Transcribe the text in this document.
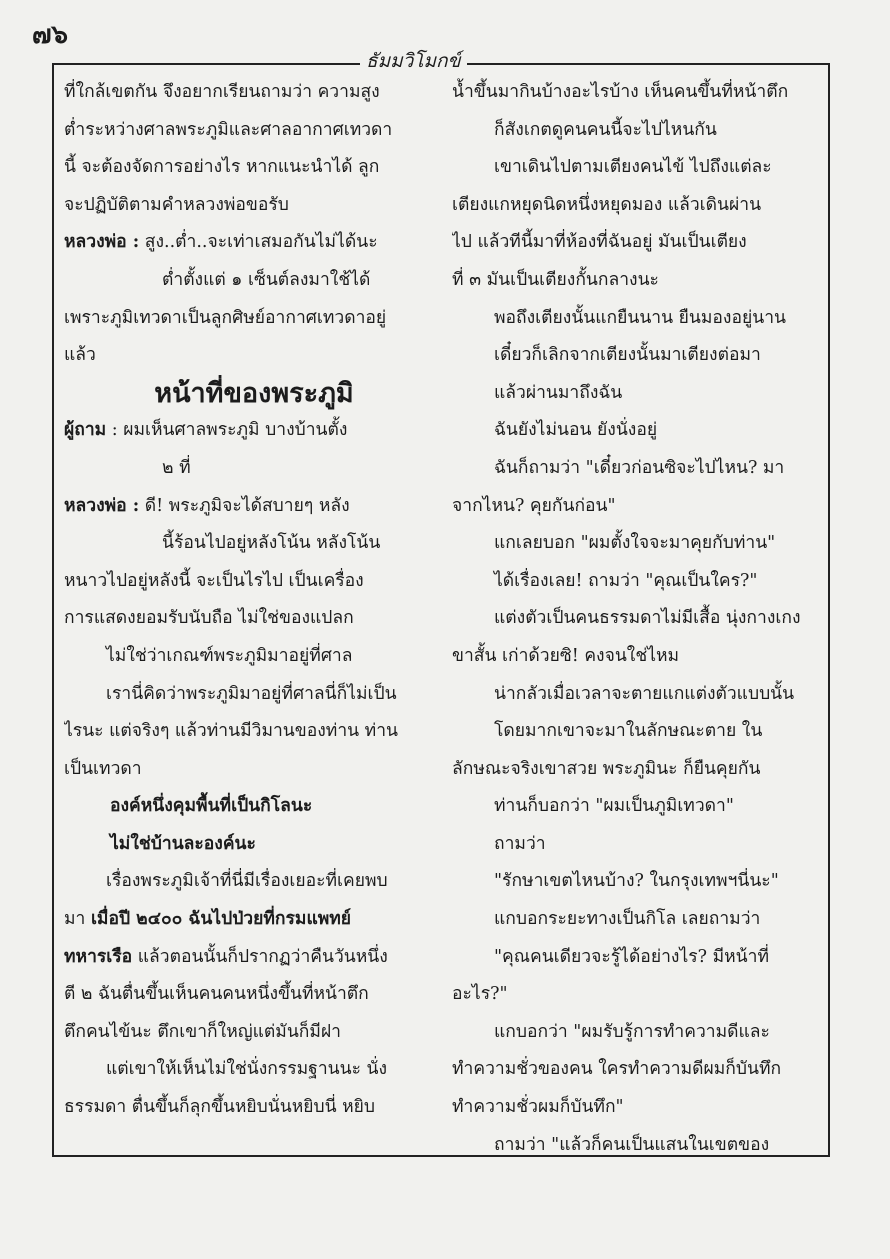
๗๖
ธัมมวิโมกข์
ที่ใกล้เขตกัน จึงอยากเรียนถามว่า ความสูง
ต่ำระหว่างศาลพระภูมิและศาลอากาศเทวดา
นี้ จะต้องจัดการอย่างไร หากแนะนำได้ ลูก
จะปฏิบัติตามคำหลวงพ่อขอรับ
หลวงพ่อ : สูง..ต่ำ..จะเท่าเสมอกันไม่ได้นะ
ต่ำตั้งแต่ ๑ เซ็นต์ลงมาใช้ได้
เพราะภูมิเทวดาเป็นลูกศิษย์อากาศเทวดาอยู่
แล้ว
หน้าที่ของพระภูมิ
ผู้ถาม : ผมเห็นศาลพระภูมิ บางบ้านตั้ง
๒ ที่
หลวงพ่อ : ดี! พระภูมิจะได้สบายๆ หลัง
นี้ร้อนไปอยู่หลังโน้น หลังโน้น
หนาวไปอยู่หลังนี้ จะเป็นไรไป เป็นเครื่อง
การแสดงยอมรับนับถือ ไม่ใช่ของแปลก
ไม่ใช่ว่าเกณฑ์พระภูมิมาอยู่ที่ศาล
เรานี่คิดว่าพระภูมิมาอยู่ที่ศาลนี่ก็ไม่เป็น
ไรนะ แต่จริงๆ แล้วท่านมีวิมานของท่าน ท่าน
เป็นเทวดา
องค์หนึ่งคุมพื้นที่เป็นกิโลนะ
ไม่ใช่บ้านละองค์นะ
เรื่องพระภูมิเจ้าที่นี่มีเรื่องเยอะที่เคยพบ
มา เมื่อปี ๒๔๐๐ ฉันไปป่วยที่กรมแพทย์
ทหารเรือ แล้วตอนนั้นก็ปรากฏว่าคืนวันหนึ่ง
ตี ๒ ฉันตื่นขึ้นเห็นคนคนหนึ่งขึ้นที่หน้าตึก
ตึกคนไข้นะ ตึกเขาก็ใหญ่แต่มันก็มีฝา
แต่เขาให้เห็นไม่ใช่นั่งกรรมฐานนะ นั่ง
ธรรมดา ตื่นขึ้นก็ลุกขึ้นหยิบนั่นหยิบนี่ หยิบ
น้ำขึ้นมากินบ้างอะไรบ้าง เห็นคนขึ้นที่หน้าตึก
ก็สังเกตดูคนคนนี้จะไปไหนกัน
เขาเดินไปตามเตียงคนไข้ ไปถึงแต่ละ
เตียงแกหยุดนิดหนึ่งหยุดมอง แล้วเดินผ่าน
ไป แล้วทีนี้มาที่ห้องที่ฉันอยู่ มันเป็นเตียง
ที่ ๓ มันเป็นเตียงกั้นกลางนะ
พอถึงเตียงนั้นแกยืนนาน ยืนมองอยู่นาน
เดี๋ยวก็เลิกจากเตียงนั้นมาเตียงต่อมา
แล้วผ่านมาถึงฉัน
ฉันยังไม่นอน ยังนั่งอยู่
ฉันก็ถามว่า "เดี๋ยวก่อนซิจะไปไหน? มา
จากไหน? คุยกันก่อน"
แกเลยบอก "ผมตั้งใจจะมาคุยกับท่าน"
ได้เรื่องเลย! ถามว่า "คุณเป็นใคร?"
แต่งตัวเป็นคนธรรมดาไม่มีเสื้อ นุ่งกางเกง
ขาสั้น เก่าด้วยซิ! คงจนใช่ไหม
น่ากลัวเมื่อเวลาจะตายแกแต่งตัวแบบนั้น
โดยมากเขาจะมาในลักษณะตาย ใน
ลักษณะจริงเขาสวย พระภูมินะ ก็ยืนคุยกัน
ท่านก็บอกว่า "ผมเป็นภูมิเทวดา"
ถามว่า
"รักษาเขตไหนบ้าง? ในกรุงเทพฯนี่นะ"
แกบอกระยะทางเป็นกิโล เลยถามว่า
"คุณคนเดียวจะรู้ได้อย่างไร? มีหน้าที่
อะไร?"
แกบอกว่า "ผมรับรู้การทำความดีและ
ทำความชั่วของคน ใครทำความดีผมก็บันทึก
ทำความชั่วผมก็บันทึก"
ถามว่า "แล้วก็คนเป็นแสนในเขตของ
